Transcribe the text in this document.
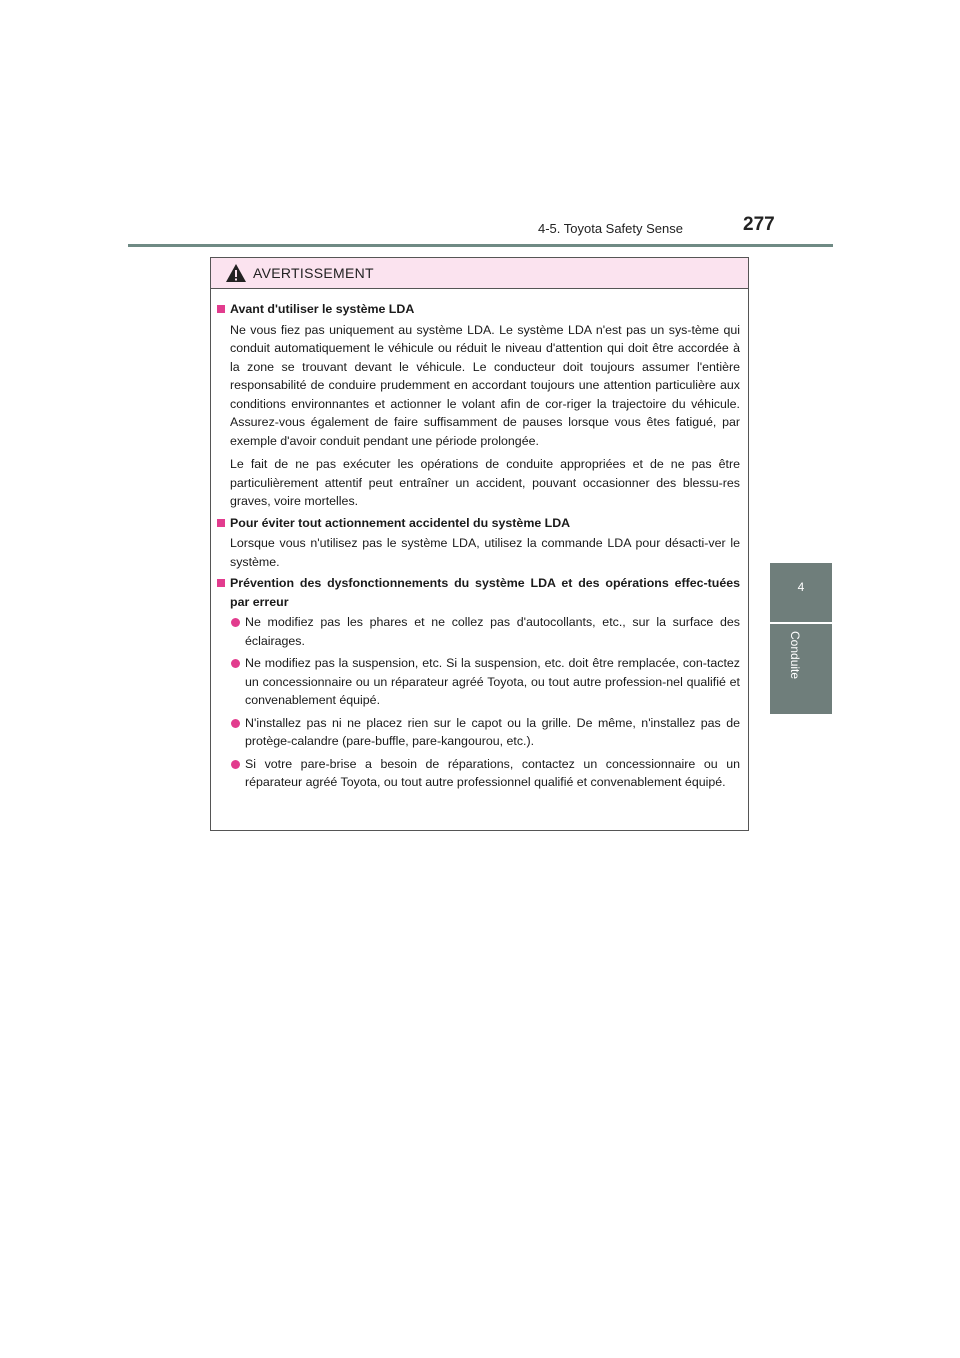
4-5. Toyota Safety Sense	277
4
Conduite
AVERTISSEMENT
Avant d'utiliser le système LDA

Ne vous fiez pas uniquement au système LDA. Le système LDA n'est pas un sys-tème qui conduit automatiquement le véhicule ou réduit le niveau d'attention qui doit être accordée à la zone se trouvant devant le véhicule. Le conducteur doit toujours assumer l'entière responsabilité de conduire prudemment en accordant toujours une attention particulière aux conditions environnantes et actionner le volant afin de cor-riger la trajectoire du véhicule. Assurez-vous également de faire suffisamment de pauses lorsque vous êtes fatigué, par exemple d'avoir conduit pendant une période prolongée.

Le fait de ne pas exécuter les opérations de conduite appropriées et de ne pas être particulièrement attentif peut entraîner un accident, pouvant occasionner des blessu-res graves, voire mortelles.

Pour éviter tout actionnement accidentel du système LDA

Lorsque vous n'utilisez pas le système LDA, utilisez la commande LDA pour désacti-ver le système.

Prévention des dysfonctionnements du système LDA et des opérations effec-tuées par erreur
Ne modifiez pas les phares et ne collez pas d'autocollants, etc., sur la surface des éclairages.
Ne modifiez pas la suspension, etc. Si la suspension, etc. doit être remplacée, con-tactez un concessionnaire ou un réparateur agréé Toyota, ou tout autre profession-nel qualifié et convenablement équipé.
N'installez pas ni ne placez rien sur le capot ou la grille. De même, n'installez pas de protège-calandre (pare-buffle, pare-kangourou, etc.).
Si votre pare-brise a besoin de réparations, contactez un concessionnaire ou un réparateur agréé Toyota, ou tout autre professionnel qualifié et convenablement équipé.
